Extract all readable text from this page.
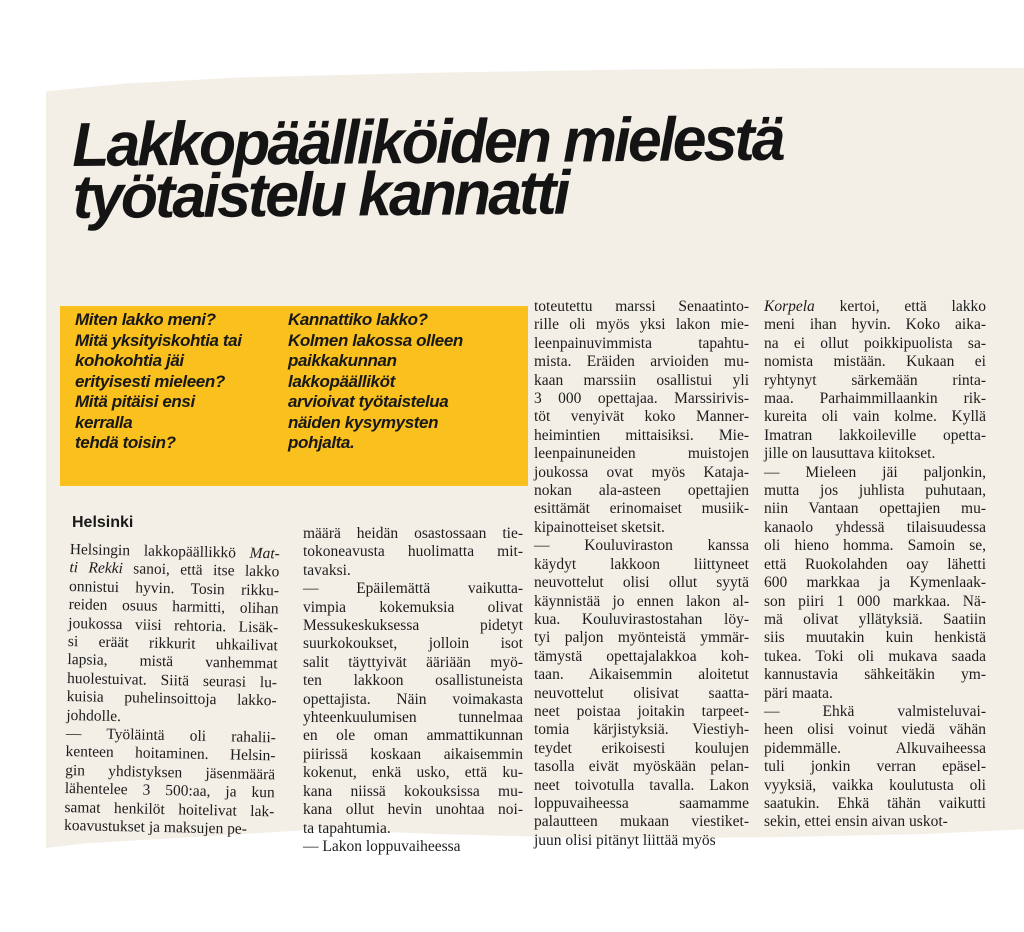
Lakkopäälliköiden mielestä
työtaistelu kannatti
Miten lakko meni?
Mitä yksityiskohtia tai
kohokohtia jäi
erityisesti mieleen?
Mitä pitäisi ensi
kerralla
tehdä toisin?
Kannattiko lakko?
Kolmen lakossa olleen
paikkakunnan
lakkopäälliköt
arvioivat työtaistelua
näiden kysymysten
pohjalta.
Helsinki
Helsingin lakkopäällikkö Mat-
ti Rekki sanoi, että itse lakko
onnistui hyvin. Tosin rikku-
reiden osuus harmitti, olihan
joukossa viisi rehtoria. Lisäk-
si eräät rikkurit uhkailivat
lapsia, mistä vanhemmat
huolestuivat. Siitä seurasi lu-
kuisia puhelinsoittoja lakko-
johdolle.
— Työläintä oli rahalii-
kenteen hoitaminen. Helsin-
gin yhdistyksen jäsenmäärä
lähentelee 3 500:aa, ja kun
samat henkilöt hoitelivat lak-
koavustukset ja maksujen pe-
määrä heidän osastossaan tie-
tokoneavusta huolimatta mit-
tavaksi.
— Epäilemättä vaikutta-
vimpia kokemuksia olivat
Messukeskuksessa pidetyt
suurkokoukset, jolloin isot
salit täyttyivät ääriään myö-
ten lakkoon osallistuneista
opettajista. Näin voimakasta
yhteenkuulumisen tunnelmaa
en ole oman ammattikunnan
piirissä koskaan aikaisemmin
kokenut, enkä usko, että ku-
kana niissä kokouksissa mu-
kana ollut hevin unohtaa noi-
ta tapahtumia.
— Lakon loppuvaiheessa
toteutettu marssi Senaatinto-
rille oli myös yksi lakon mie-
leenpainuvimmista tapahtu-
mista. Eräiden arvioiden mu-
kaan marssiin osallistui yli
3 000 opettajaa. Marssirivis-
töt venyivät koko Manner-
heimintien mittaisiksi. Mie-
leenpainuneiden muistojen
joukossa ovat myös Kataja-
nokan ala-asteen opettajien
esittämät erinomaiset musiik-
kipainotteiset sketsit.
— Kouluviraston kanssa
käydyt lakkoon liittyneet
neuvottelut olisi ollut syytä
käynnistää jo ennen lakon al-
kua. Kouluvirastostahan löy-
tyi paljon myönteistä ymmär-
tämystä opettajalakkoa koh-
taan. Aikaisemmin aloitetut
neuvottelut olisivat saatta-
neet poistaa joitakin tarpeet-
tomia kärjistyksiä. Viestiyh-
teydet erikoisesti koulujen
tasolla eivät myöskään pelan-
neet toivotulla tavalla. Lakon
loppuvaiheessa saamamme
palautteen mukaan viestiket-
juun olisi pitänyt liittää myös
Korpela kertoi, että lakko
meni ihan hyvin. Koko aika-
na ei ollut poikkipuolista sa-
nomista mistään. Kukaan ei
ryhtynyt särkemään rinta-
maa. Parhaimmillaankin rik-
kureita oli vain kolme. Kyllä
Imatran lakkoileville opetta-
jille on lausuttava kiitokset.
— Mieleen jäi paljonkin,
mutta jos juhlista puhutaan,
niin Vantaan opettajien mu-
kanaolo yhdessä tilaisuudessa
oli hieno homma. Samoin se,
että Ruokolahden oay lähetti
600 markkaa ja Kymenlaak-
son piiri 1 000 markkaa. Nä-
mä olivat yllätyksiä. Saatiin
siis muutakin kuin henkistä
tukea. Toki oli mukava saada
kannustavia sähkeitäkin ym-
päri maata.
— Ehkä valmisteluvai-
heen olisi voinut viedä vähän
pidemmälle. Alkuvaiheessa
tuli jonkin verran epäsel-
vyyksiä, vaikka koulutusta oli
saatukin. Ehkä tähän vaikutti
sekin, ettei ensin aivan uskot-
